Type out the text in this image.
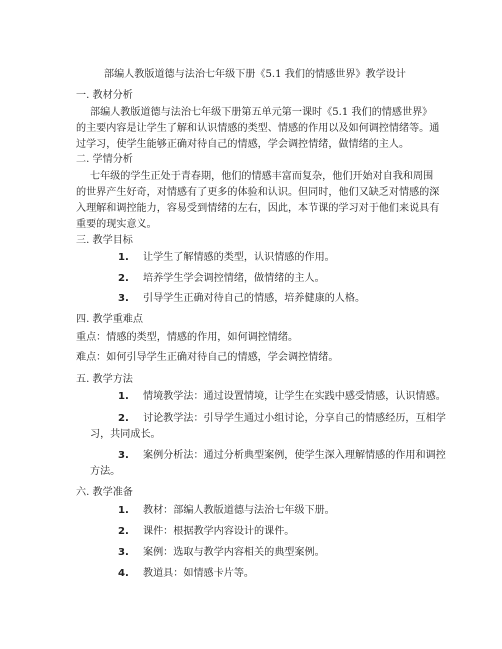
部编人教版道德与法治七年级下册《5.1 我们的情感世界》教学设计
一. 教材分析
部编人教版道德与法治七年级下册第五单元第一课时《5.1 我们的情感世界》
的主要内容是让学生了解和认识情感的类型、情感的作用以及如何调控情绪等。通
过学习，使学生能够正确对待自己的情感，学会调控情绪，做情绪的主人。
二. 学情分析
七年级的学生正处于青春期，他们的情感丰富而复杂，他们开始对自我和周围
的世界产生好奇，对情感有了更多的体验和认识。但同时，他们又缺乏对情感的深
入理解和调控能力，容易受到情绪的左右，因此，本节课的学习对于他们来说具有
重要的现实意义。
三. 教学目标
1. 让学生了解情感的类型，认识情感的作用。
2. 培养学生学会调控情绪，做情绪的主人。
3. 引导学生正确对待自己的情感，培养健康的人格。
四. 教学重难点
重点：情感的类型，情感的作用，如何调控情绪。
难点：如何引导学生正确对待自己的情感，学会调控情绪。
五. 教学方法
1. 情境教学法：通过设置情境，让学生在实践中感受情感，认识情感。
2. 讨论教学法：引导学生通过小组讨论，分享自己的情感经历，互相学
习，共同成长。
3. 案例分析法：通过分析典型案例，使学生深入理解情感的作用和调控
方法。
六. 教学准备
1. 教材：部编人教版道德与法治七年级下册。
2. 课件：根据教学内容设计的课件。
3. 案例：选取与教学内容相关的典型案例。
4. 教道具：如情感卡片等。
